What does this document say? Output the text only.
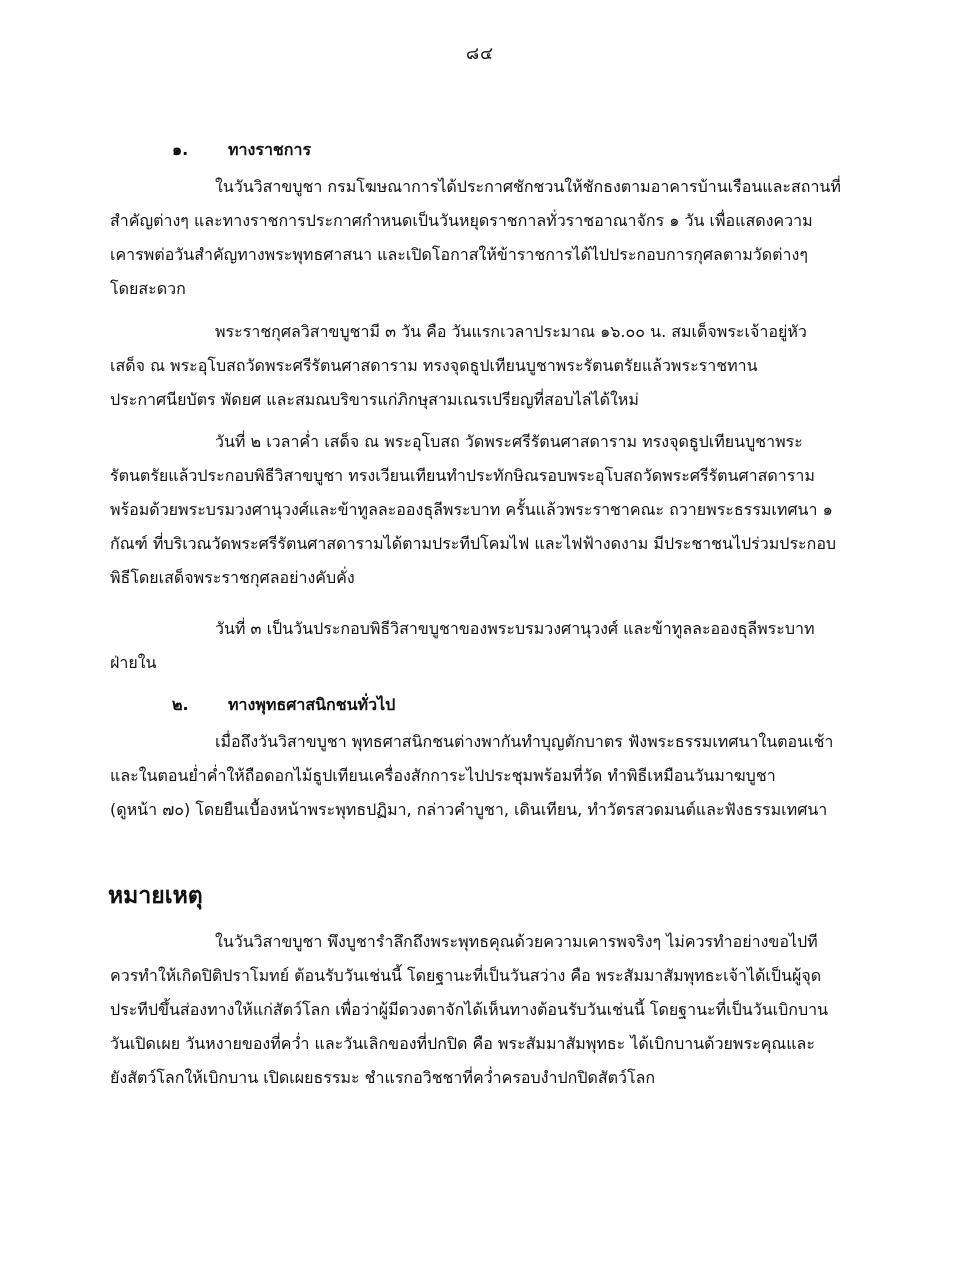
๘๔
๑. ทางราชการ
ในวันวิสาขบูชา กรมโฆษณาการได้ประกาศชักชวนให้ชักธงตามอาคารบ้านเรือนและสถานที่
สำคัญต่างๆ และทางราชการประกาศกำหนดเป็นวันหยุดราชกาลทั่วราชอาณาจักร ๑ วัน เพื่อแสดงความ
เคารพต่อวันสำคัญทางพระพุทธศาสนา และเปิดโอกาสให้ข้าราชการได้ไปประกอบการกุศลตามวัดต่างๆ
โดยสะดวก
พระราชกุศลวิสาขบูชามี ๓ วัน คือ วันแรกเวลาประมาณ ๑๖.๐๐ น. สมเด็จพระเจ้าอยู่หัว
เสด็จ ณ พระอุโบสถวัดพระศรีรัตนศาสดาราม ทรงจุดธูปเทียนบูชาพระรัตนตรัยแล้วพระราชทาน
ประกาศนียบัตร พัดยศ และสมณบริขารแก่ภิกษุสามเณรเปรียญที่สอบไล่ได้ใหม่
วันที่ ๒ เวลาค่ำ เสด็จ ณ พระอุโบสถ วัดพระศรีรัตนศาสดาราม ทรงจุดธูปเทียนบูชาพระ
รัตนตรัยแล้วประกอบพิธีวิสาขบูชา ทรงเวียนเทียนทำประทักษิณรอบพระอุโบสถวัดพระศรีรัตนศาสดาราม
พร้อมด้วยพระบรมวงศานุวงศ์และข้าทูลละอองธุลีพระบาท ครั้นแล้วพระราชาคณะ ถวายพระธรรมเทศนา ๑
กัณฑ์ ที่บริเวณวัดพระศรีรัตนศาสดารามได้ตามประทีปโคมไฟ และไฟฟ้างดงาม มีประชาชนไปร่วมประกอบ
พิธีโดยเสด็จพระราชกุศลอย่างคับคั่ง
วันที่ ๓ เป็นวันประกอบพิธีวิสาขบูชาของพระบรมวงศานุวงศ์ และข้าทูลละอองธุลีพระบาท
ฝ่ายใน
๒. ทางพุทธศาสนิกชนทั่วไป
เมื่อถึงวันวิสาขบูชา พุทธศาสนิกชนต่างพากันทำบุญตักบาตร ฟังพระธรรมเทศนาในตอนเช้า
และในตอนย่ำค่ำให้ถือดอกไม้ธูปเทียนเครื่องสักการะไปประชุมพร้อมที่วัด ทำพิธีเหมือนวันมาฆบูชา
(ดูหน้า ๗๐) โดยยืนเบื้องหน้าพระพุทธปฏิมา, กล่าวคำบูชา, เดินเทียน, ทำวัตรสวดมนต์และฟังธรรมเทศนา
หมายเหตุ
ในวันวิสาขบูชา พึงบูชารำลึกถึงพระพุทธคุณด้วยความเคารพจริงๆ ไม่ควรทำอย่างขอไปที
ควรทำให้เกิดปิติปราโมทย์ ต้อนรับวันเช่นนี้ โดยฐานะที่เป็นวันสว่าง คือ พระสัมมาสัมพุทธะเจ้าได้เป็นผู้จุด
ประทีปขึ้นส่องทางให้แก่สัตว์โลก เพื่อว่าผู้มีดวงตาจักได้เห็นทางต้อนรับวันเช่นนี้ โดยฐานะที่เป็นวันเบิกบาน
วันเปิดเผย วันหงายของที่คว่ำ และวันเลิกของที่ปกปิด คือ พระสัมมาสัมพุทธะ ได้เบิกบานด้วยพระคุณและ
ยังสัตว์โลกให้เบิกบาน เปิดเผยธรรมะ ชำแรกอวิชชาที่คว่ำครอบงำปกปิดสัตว์โลก
